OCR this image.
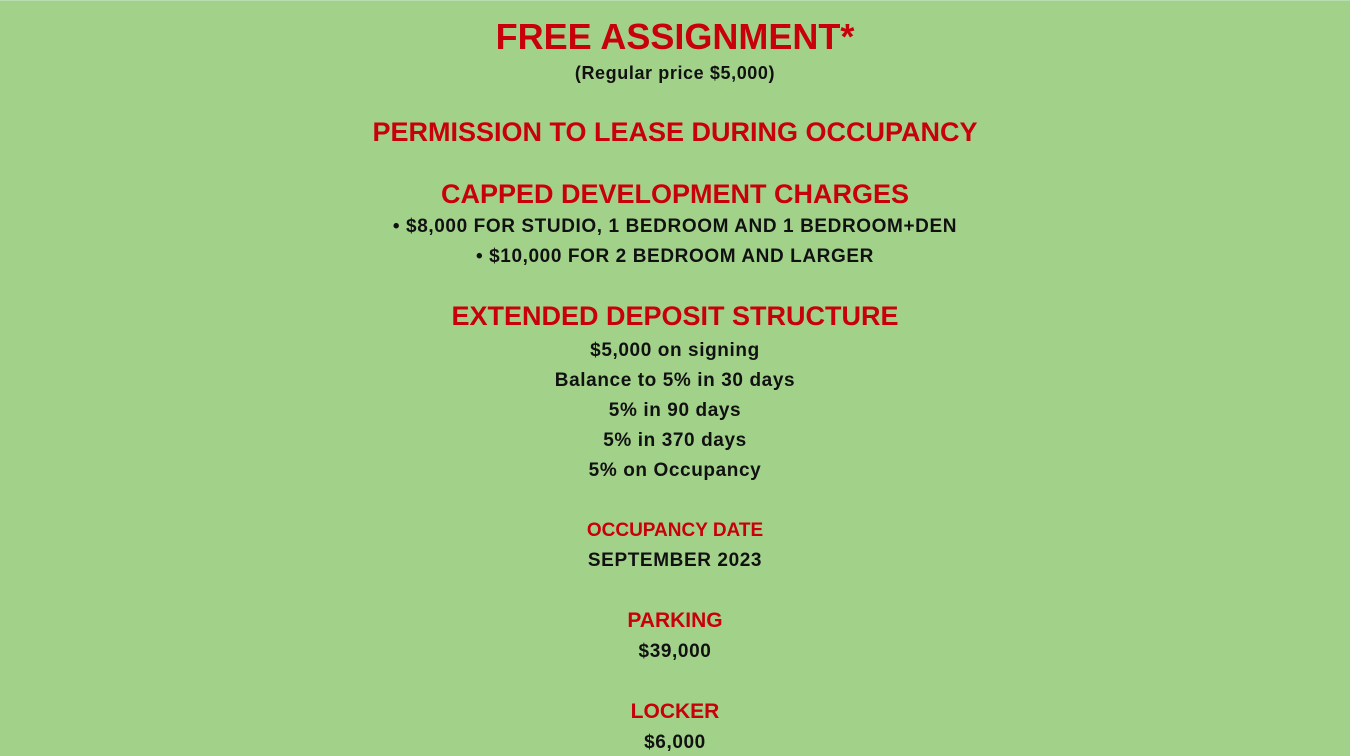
FREE ASSIGNMENT*

(Regular price $5,000)

PERMISSION TO LEASE DURING OCCUPANCY
CAPPED DEVELOPMENT CHARGES

• $8,000 FOR STUDIO, 1 BEDROOM AND 1 BEDROOM+DEN

• $10,000 FOR 2 BEDROOM AND LARGER

EXTENDED DEPOSIT STRUCTURE

$5,000 on signing

Balance to 5% in 30 days

5% in 90 days

5% in 370 days

5% on Occupancy

OCCUPANCY DATE

SEPTEMBER 2023

PARKING

$39,000

LOCKER

$6,000
